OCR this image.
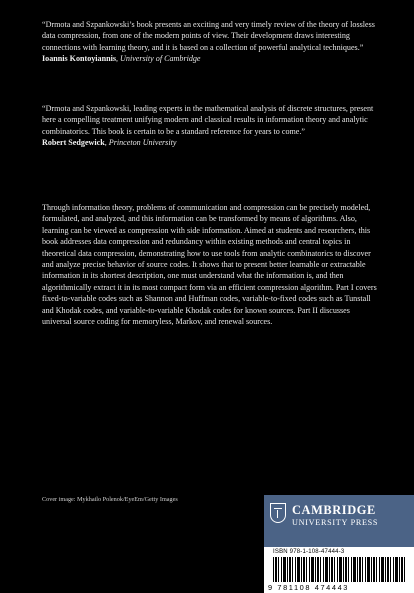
“Drmota and Szpankowski’s book presents an exciting and very timely review of the theory of lossless data compression, from one of the modern points of view. Their development draws interesting connections with learning theory, and it is based on a collection of powerful analytical techniques.”

Ioannis Kontoyiannis, University of Cambridge

“Drmota and Szpankowski, leading experts in the mathematical analysis of discrete structures, present here a compelling treatment unifying modern and classical results in information theory and analytic combinatorics. This book is certain to be a standard reference for years to come.”

Robert Sedgewick, Princeton University

Through information theory, problems of communication and compression can be precisely modeled, formulated, and analyzed, and this information can be transformed by means of algorithms. Also, learning can be viewed as compression with side information. Aimed at students and researchers, this book addresses data compression and redundancy within existing methods and central topics in theoretical data compression, demonstrating how to use tools from analytic combinatorics to discover and analyze precise behavior of source codes. It shows that to present better learnable or extractable information in its shortest description, one must understand what the information is, and then algorithmically extract it in its most compact form via an efficient compression algorithm. Part I covers fixed-to-variable codes such as Shannon and Huffman codes, variable-to-fixed codes such as Tunstall and Khodak codes, and variable-to-variable Khodak codes for known sources. Part II discusses universal source coding for memoryless, Markov, and renewal sources.

Cover image: Mykhailo Polenok/EyeEm/Getty Images
CAMBRIDGE
UNIVERSITY PRESS
ISBN 978-1-108-47444-3
9 781108 474443
